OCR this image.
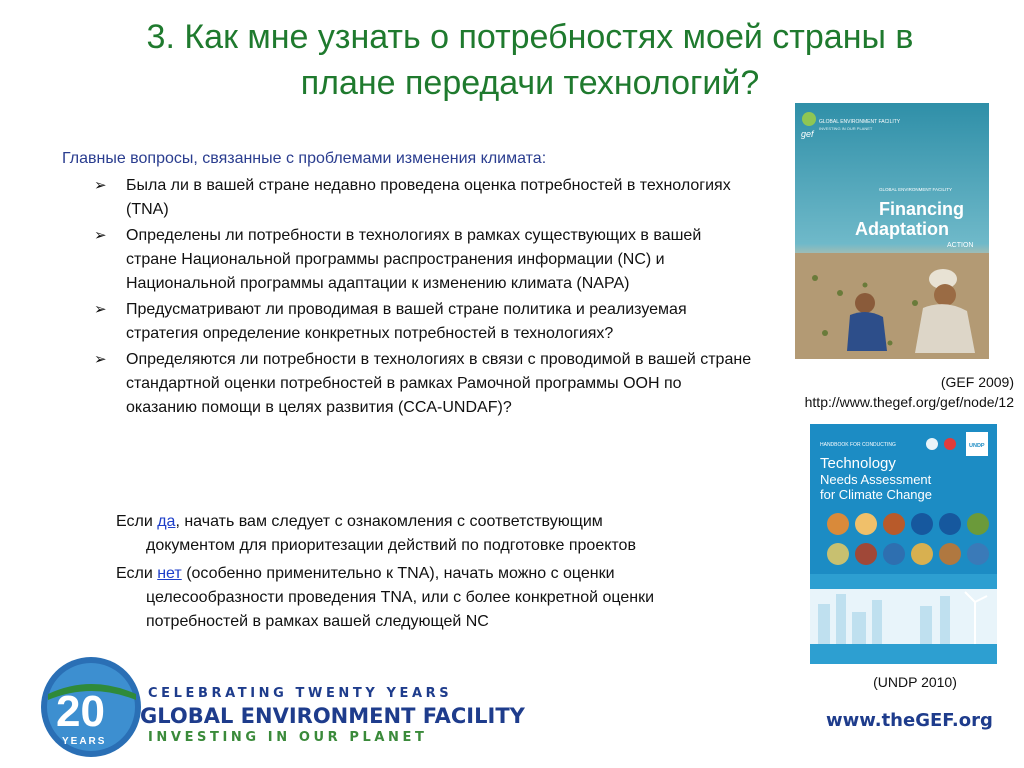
3. Как мне узнать о потребностях моей страны в
плане передачи технологий?

Главные вопросы, связанные с проблемами изменения климата:

➢ Была ли в вашей стране недавно проведена оценка потребностей в технологиях (TNA)
➢ Определены ли потребности в технологиях в рамках существующих в вашей стране Национальной программы распространения информации (NC) и Национальной программы адаптации к изменению климата (NAPA)
➢ Предусматривают ли проводимая в вашей стране политика и реализуемая стратегия определение конкретных потребностей в технологиях?
➢ Определяются ли потребности в технологиях в связи с проводимой в вашей стране стандартной оценки потребностей в рамках Рамочной программы ООН по оказанию помощи в целях развития (CCA-UNDAF)?
Если да, начать вам следует с ознакомления с соответствующим
документом для приоритезации действий по подготовке проектов
Если нет (особенно применительно к TNA), начать можно с оценки
целесообразности проведения TNA, или с более конкретной оценки потребностей в рамках вашей следующей NC
gef
GLOBAL ENVIRONMENT FACILITY
INVESTING IN OUR PLANET
GLOBAL ENVIRONMENT FACILITY
Financing
Adaptation
ACTION
(GEF 2009)
http://www.thegef.org/gef/node/12
HANDBOOK FOR CONDUCTING
Technology
Needs Assessment
for Climate Change
UNDP
(UNDP 2010)
20
YEARS
CELEBRATING TWENTY YEARS
GLOBAL ENVIRONMENT FACILITY
INVESTING IN OUR PLANET
www.theGEF.org
